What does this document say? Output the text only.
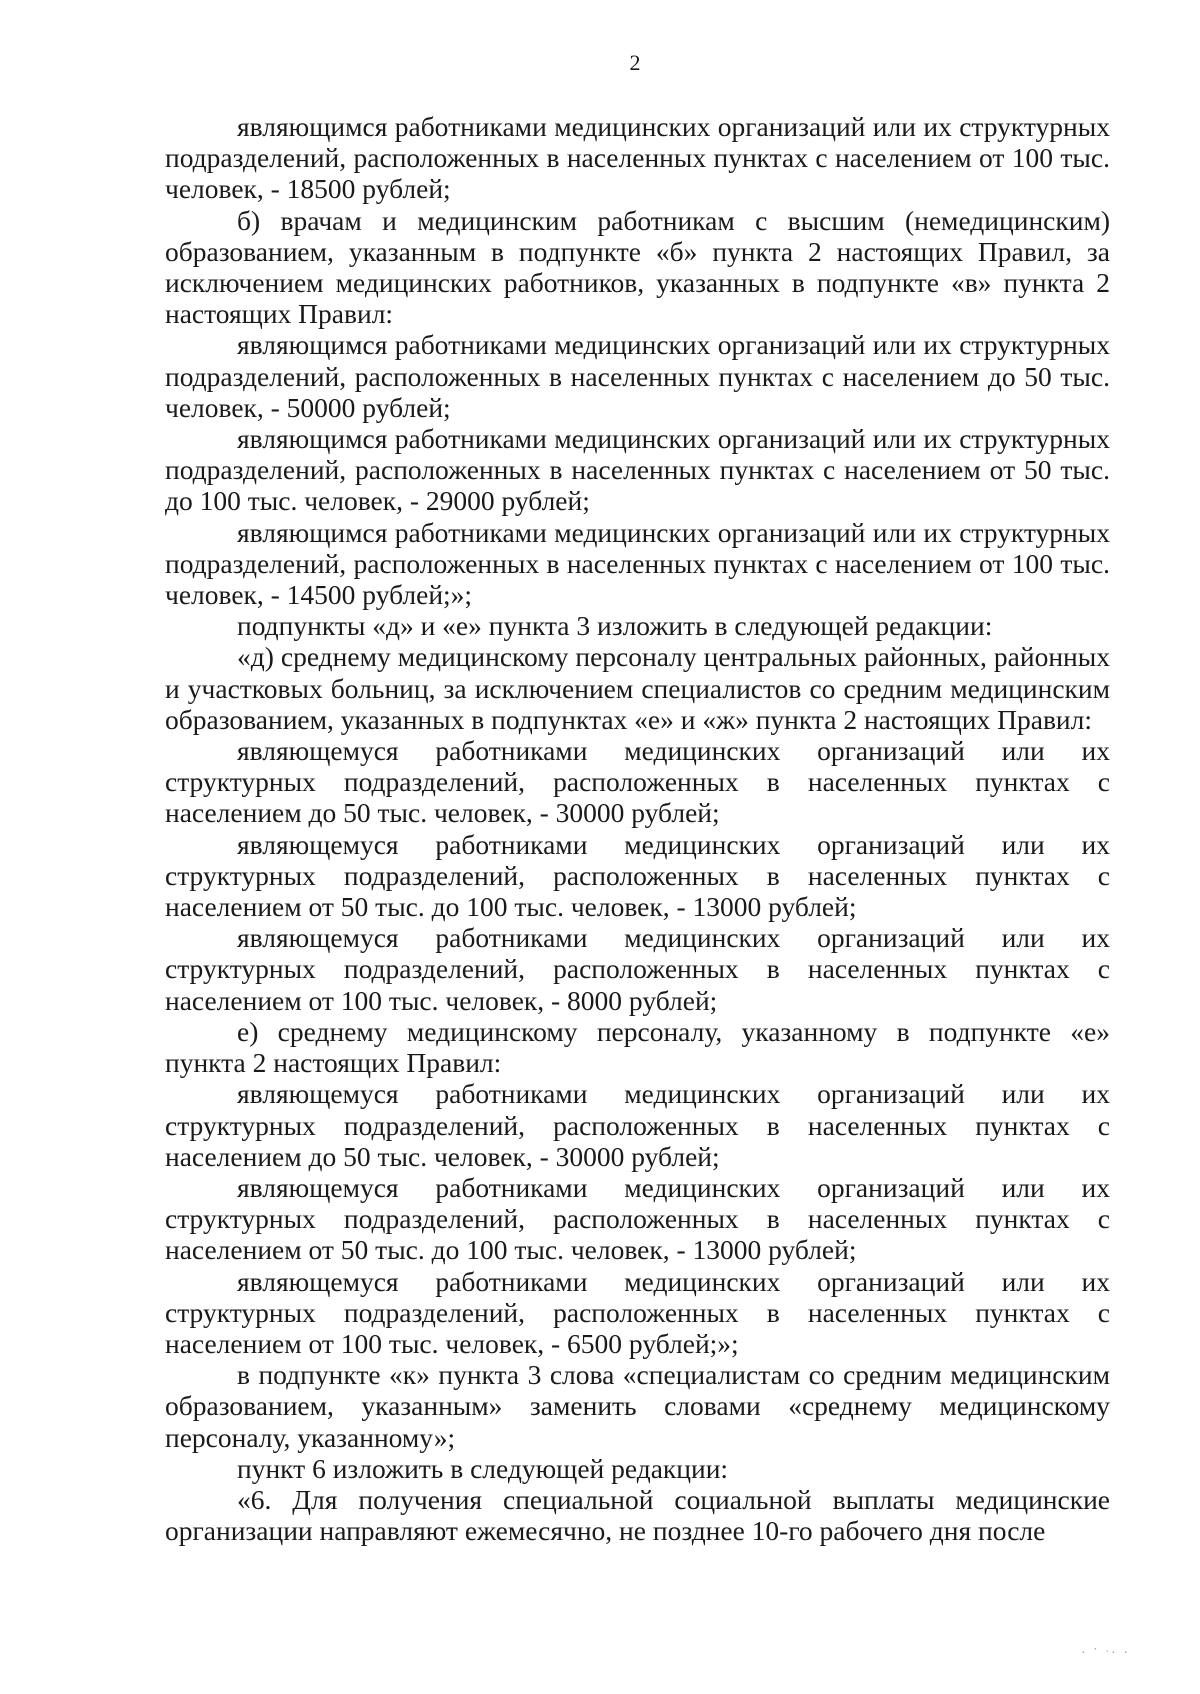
2

являющимся работниками медицинских организаций или их структурных подразделений, расположенных в населенных пунктах с населением от 100 тыс. человек, - 18500 рублей;

б) врачам и медицинским работникам с высшим (немедицинским) образованием, указанным в подпункте «б» пункта 2 настоящих Правил, за исключением медицинских работников, указанных в подпункте «в» пункта 2 настоящих Правил:

являющимся работниками медицинских организаций или их структурных подразделений, расположенных в населенных пунктах с населением до 50 тыс. человек, - 50000 рублей;

являющимся работниками медицинских организаций или их структурных подразделений, расположенных в населенных пунктах с населением от 50 тыс. до 100 тыс. человек, - 29000 рублей;

являющимся работниками медицинских организаций или их структурных подразделений, расположенных в населенных пунктах с населением от 100 тыс. человек, - 14500 рублей;»;

подпункты «д» и «е» пункта 3 изложить в следующей редакции:

«д) среднему медицинскому персоналу центральных районных, районных и участковых больниц, за исключением специалистов со средним медицинским образованием, указанных в подпунктах «е» и «ж» пункта 2 настоящих Правил:

являющемуся работниками медицинских организаций или их структурных подразделений, расположенных в населенных пунктах с населением до 50 тыс. человек, - 30000 рублей;

являющемуся работниками медицинских организаций или их структурных подразделений, расположенных в населенных пунктах с населением от 50 тыс. до 100 тыс. человек, - 13000 рублей;

являющемуся работниками медицинских организаций или их структурных подразделений, расположенных в населенных пунктах с населением от 100 тыс. человек, - 8000 рублей;

е) среднему медицинскому персоналу, указанному в подпункте «е» пункта 2 настоящих Правил:

являющемуся работниками медицинских организаций или их структурных подразделений, расположенных в населенных пунктах с населением до 50 тыс. человек, - 30000 рублей;

являющемуся работниками медицинских организаций или их структурных подразделений, расположенных в населенных пунктах с населением от 50 тыс. до 100 тыс. человек, - 13000 рублей;

являющемуся работниками медицинских организаций или их структурных подразделений, расположенных в населенных пунктах с населением от 100 тыс. человек, - 6500 рублей;»;

в подпункте «к» пункта 3 слова «специалистам со средним медицинским образованием, указанным» заменить словами «среднему медицинскому персоналу, указанному»;

пункт 6 изложить в следующей редакции:

«6. Для получения специальной социальной выплаты медицинские организации направляют ежемесячно, не позднее 10-го рабочего дня после

· ˙ ˑ· ·
